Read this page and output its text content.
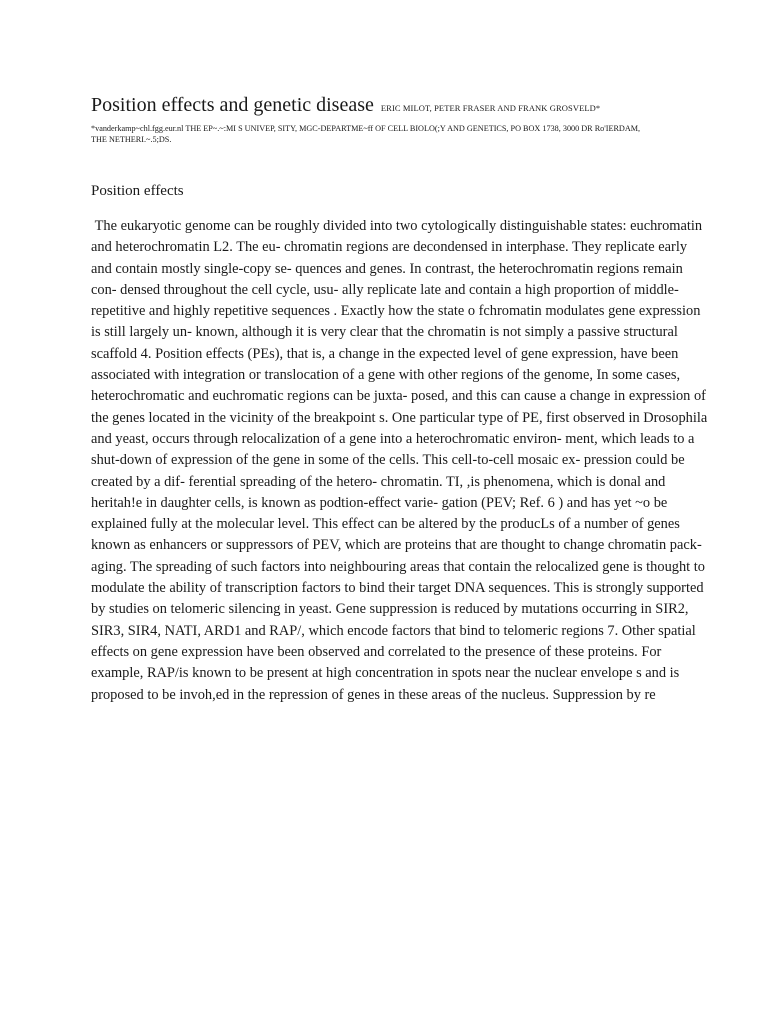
Position effects and genetic disease ERIC MILOT, PETER FRASER AND FRANK GROSVELD*
*vanderkamp~chl.fgg.eur.nl THE EP~.~:MI S UNIVEP, SITY, MGC-DEPARTME~ff OF CELL BIOLO(;Y AND GENETICS, PO BOX 1738, 3000 DR Ro'IERDAM, THE NETHERI.~.5;DS.
Position effects
The eukaryotic genome can be roughly divided into two cytologically distinguishable states: euchromatin and heterochromatin L2. The eu- chromatin regions are decondensed in interphase. They replicate early and contain mostly single-copy se- quences and genes. In contrast, the heterochromatin regions remain con- densed throughout the cell cycle, usu- ally replicate late and contain a high proportion of middle-repetitive and highly repetitive sequences . Exactly how the state o fchromatin modulates gene expression is still largely un- known, although it is very clear that the chromatin is not simply a passive structural scaffold 4. Position effects (PEs), that is, a change in the expected level of gene expression, have been associated with integration or translocation of a gene with other regions of the genome, In some cases, heterochromatic and euchromatic regions can be juxta- posed, and this can cause a change in expression of the genes located in the vicinity of the breakpoint s. One particular type of PE, first observed in Drosophila and yeast, occurs through relocalization of a gene into a heterochromatic environ- ment, which leads to a shut-down of expression of the gene in some of the cells. This cell-to-cell mosaic ex- pression could be created by a dif- ferential spreading of the hetero- chromatin. TI, ,is phenomena, which is donal and heritah!e in daughter cells, is known as podtion-effect varie- gation (PEV; Ref. 6 ) and has yet ~o be explained fully at the molecular level. This effect can be altered by the producLs of a number of genes known as enhancers or suppressors of PEV, which are proteins that are thought to change chromatin pack- aging. The spreading of such factors into neighbouring areas that contain the relocalized gene is thought to modulate the ability of transcription factors to bind their target DNA sequences. This is strongly supported by studies on telomeric silencing in yeast. Gene suppression is reduced by mutations occurring in SIR2, SIR3, SIR4, NATI, ARD1 and RAP/, which encode factors that bind to telomeric regions 7. Other spatial effects on gene expression have been observed and correlated to the presence of these proteins. For example, RAP/is known to be present at high concentration in spots near the nuclear envelope s and is proposed to be invoh,ed in the repression of genes in these areas of the nucleus. Suppression by re
